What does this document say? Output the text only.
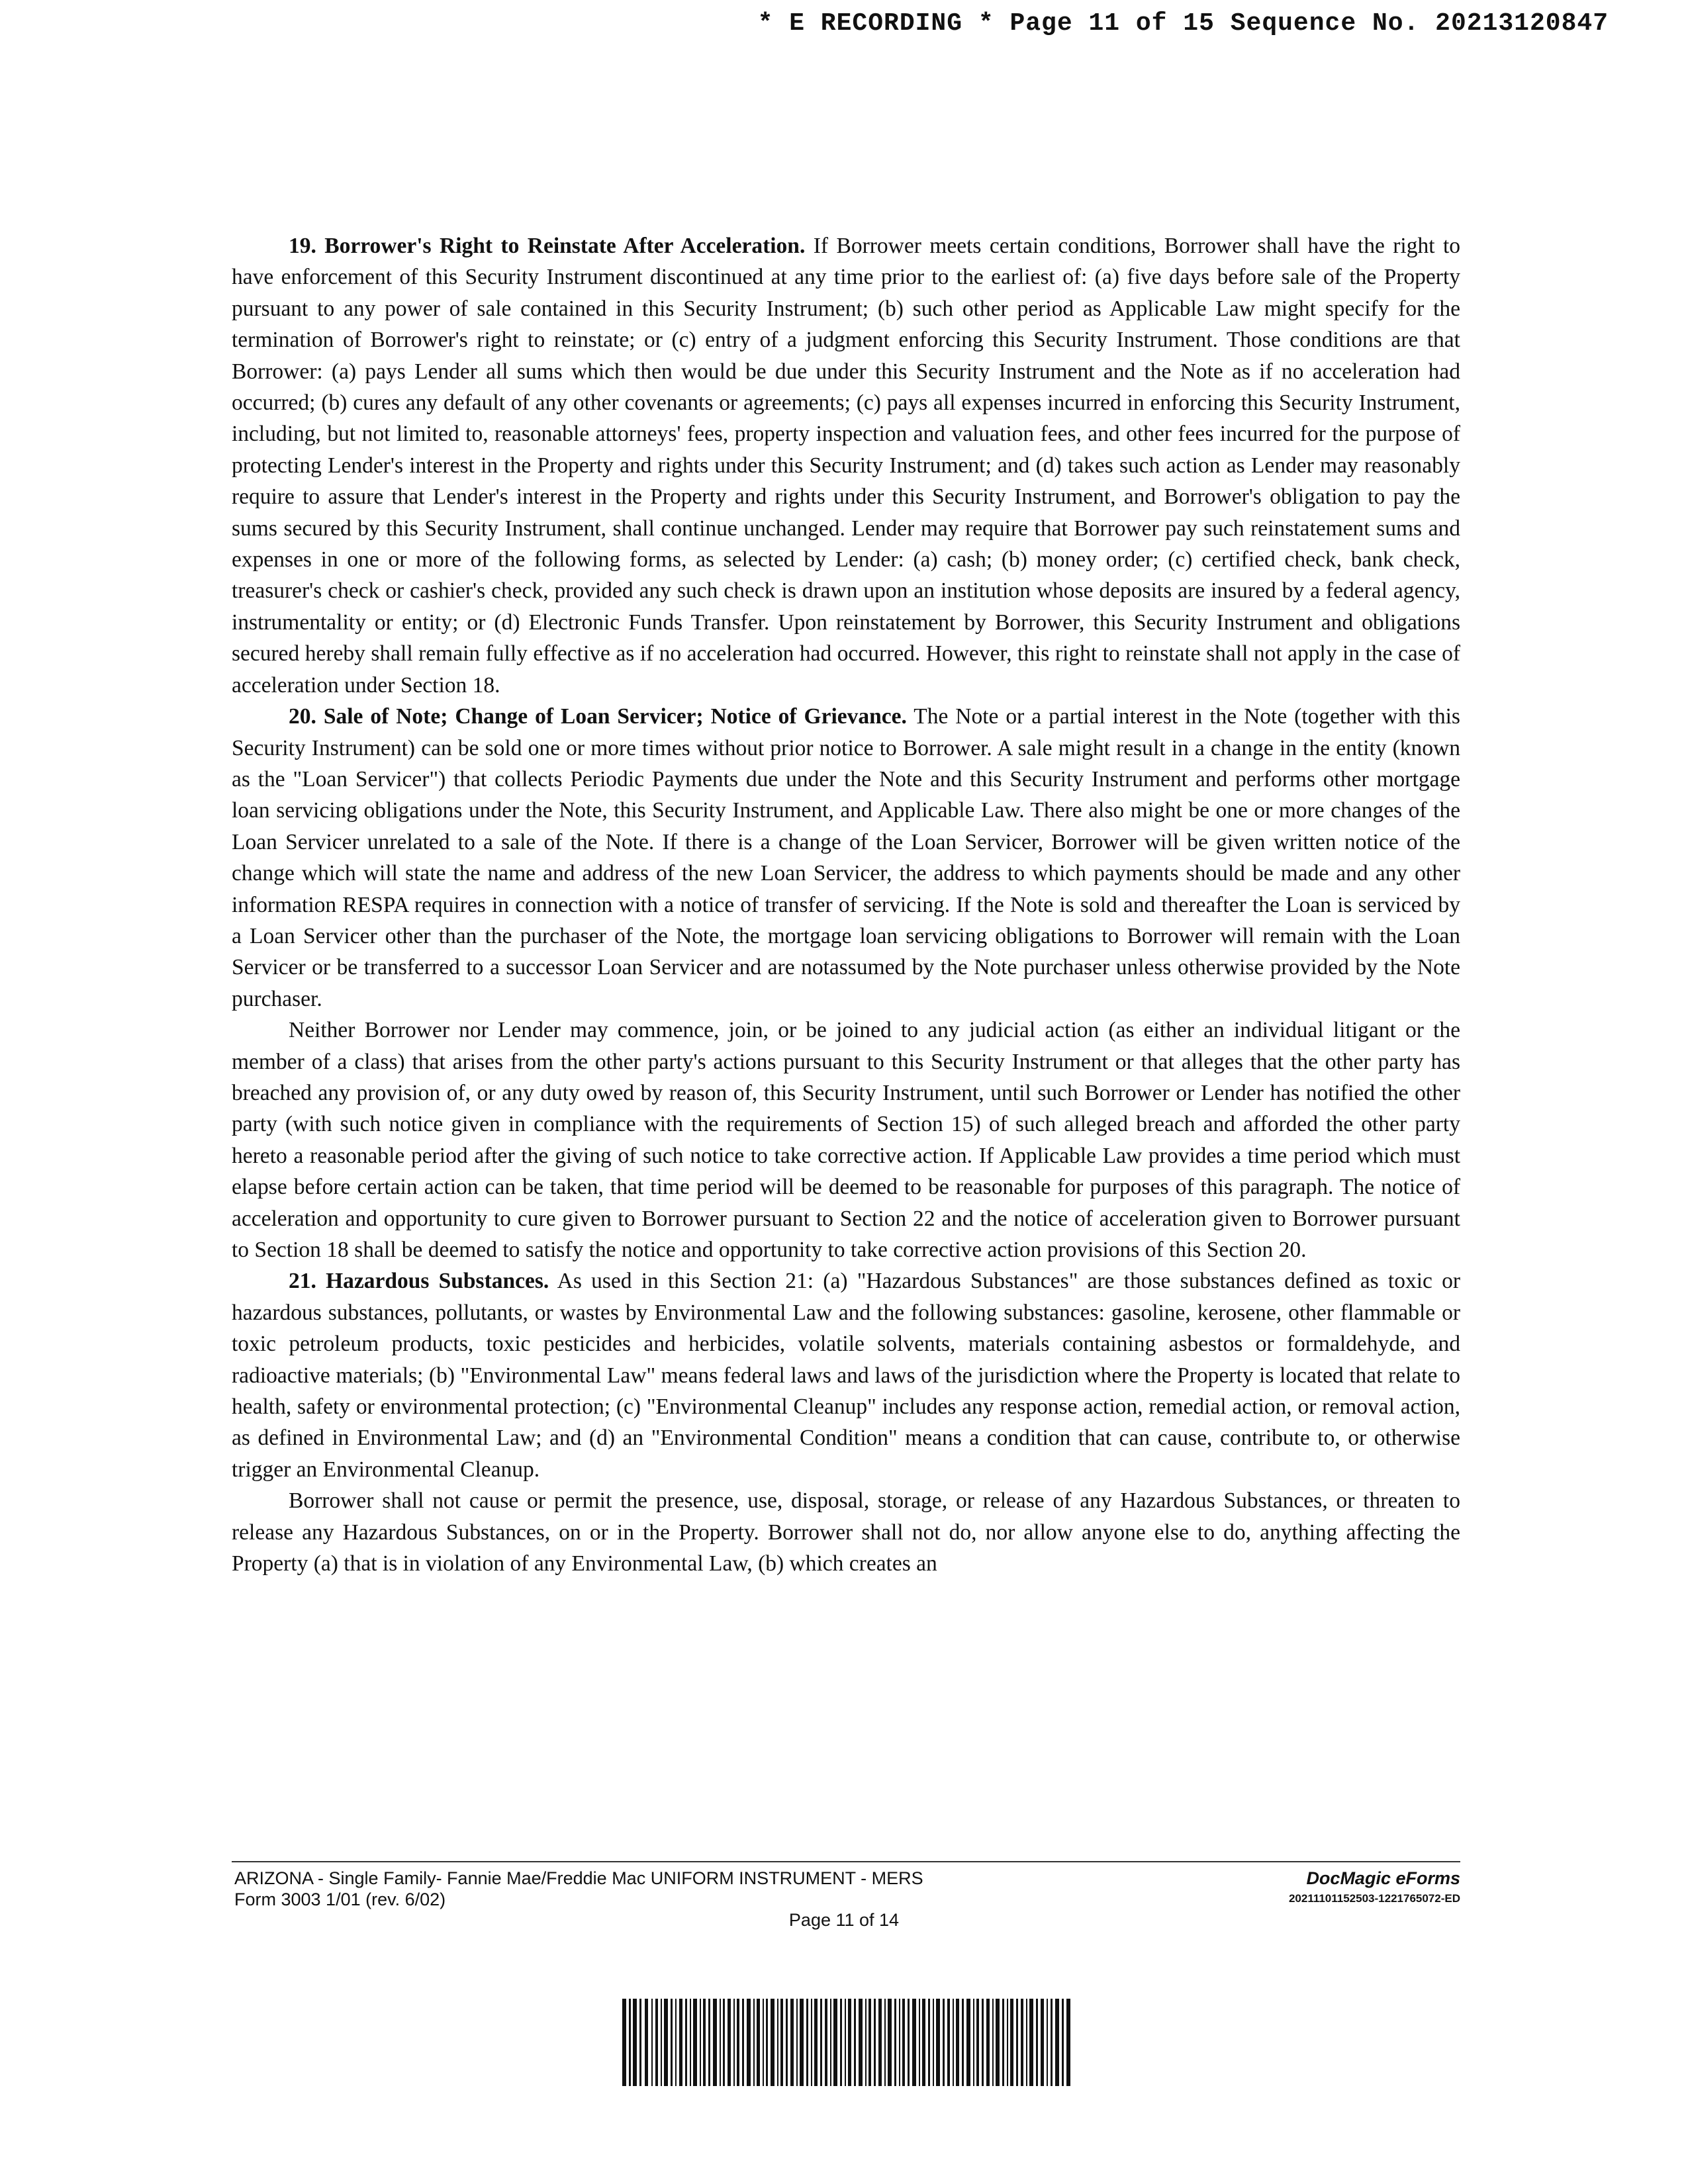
* E RECORDING * Page 11 of 15 Sequence No. 20213120847

19. Borrower's Right to Reinstate After Acceleration. If Borrower meets certain conditions, Borrower shall have the right to have enforcement of this Security Instrument discontinued at any time prior to the earliest of: (a) five days before sale of the Property pursuant to any power of sale contained in this Security Instrument; (b) such other period as Applicable Law might specify for the termination of Borrower's right to reinstate; or (c) entry of a judgment enforcing this Security Instrument. Those conditions are that Borrower: (a) pays Lender all sums which then would be due under this Security Instrument and the Note as if no acceleration had occurred; (b) cures any default of any other covenants or agreements; (c) pays all expenses incurred in enforcing this Security Instrument, including, but not limited to, reasonable attorneys' fees, property inspection and valuation fees, and other fees incurred for the purpose of protecting Lender's interest in the Property and rights under this Security Instrument; and (d) takes such action as Lender may reasonably require to assure that Lender's interest in the Property and rights under this Security Instrument, and Borrower's obligation to pay the sums secured by this Security Instrument, shall continue unchanged. Lender may require that Borrower pay such reinstatement sums and expenses in one or more of the following forms, as selected by Lender: (a) cash; (b) money order; (c) certified check, bank check, treasurer's check or cashier's check, provided any such check is drawn upon an institution whose deposits are insured by a federal agency, instrumentality or entity; or (d) Electronic Funds Transfer. Upon reinstatement by Borrower, this Security Instrument and obligations secured hereby shall remain fully effective as if no acceleration had occurred. However, this right to reinstate shall not apply in the case of acceleration under Section 18.

20. Sale of Note; Change of Loan Servicer; Notice of Grievance. The Note or a partial interest in the Note (together with this Security Instrument) can be sold one or more times without prior notice to Borrower. A sale might result in a change in the entity (known as the "Loan Servicer") that collects Periodic Payments due under the Note and this Security Instrument and performs other mortgage loan servicing obligations under the Note, this Security Instrument, and Applicable Law. There also might be one or more changes of the Loan Servicer unrelated to a sale of the Note. If there is a change of the Loan Servicer, Borrower will be given written notice of the change which will state the name and address of the new Loan Servicer, the address to which payments should be made and any other information RESPA requires in connection with a notice of transfer of servicing. If the Note is sold and thereafter the Loan is serviced by a Loan Servicer other than the purchaser of the Note, the mortgage loan servicing obligations to Borrower will remain with the Loan Servicer or be transferred to a successor Loan Servicer and are notassumed by the Note purchaser unless otherwise provided by the Note purchaser.

Neither Borrower nor Lender may commence, join, or be joined to any judicial action (as either an individual litigant or the member of a class) that arises from the other party's actions pursuant to this Security Instrument or that alleges that the other party has breached any provision of, or any duty owed by reason of, this Security Instrument, until such Borrower or Lender has notified the other party (with such notice given in compliance with the requirements of Section 15) of such alleged breach and afforded the other party hereto a reasonable period after the giving of such notice to take corrective action. If Applicable Law provides a time period which must elapse before certain action can be taken, that time period will be deemed to be reasonable for purposes of this paragraph. The notice of acceleration and opportunity to cure given to Borrower pursuant to Section 22 and the notice of acceleration given to Borrower pursuant to Section 18 shall be deemed to satisfy the notice and opportunity to take corrective action provisions of this Section 20.

21. Hazardous Substances. As used in this Section 21: (a) "Hazardous Substances" are those substances defined as toxic or hazardous substances, pollutants, or wastes by Environmental Law and the following substances: gasoline, kerosene, other flammable or toxic petroleum products, toxic pesticides and herbicides, volatile solvents, materials containing asbestos or formaldehyde, and radioactive materials; (b) "Environmental Law" means federal laws and laws of the jurisdiction where the Property is located that relate to health, safety or environmental protection; (c) "Environmental Cleanup" includes any response action, remedial action, or removal action, as defined in Environmental Law; and (d) an "Environmental Condition" means a condition that can cause, contribute to, or otherwise trigger an Environmental Cleanup.

Borrower shall not cause or permit the presence, use, disposal, storage, or release of any Hazardous Substances, or threaten to release any Hazardous Substances, on or in the Property. Borrower shall not do, nor allow anyone else to do, anything affecting the Property (a) that is in violation of any Environmental Law, (b) which creates an

ARIZONA - Single Family- Fannie Mae/Freddie Mac UNIFORM INSTRUMENT - MERS
Form 3003 1/01 (rev. 6/02)
DocMagic eForms
20211101152503-1221765072-ED
Page 11 of 14
